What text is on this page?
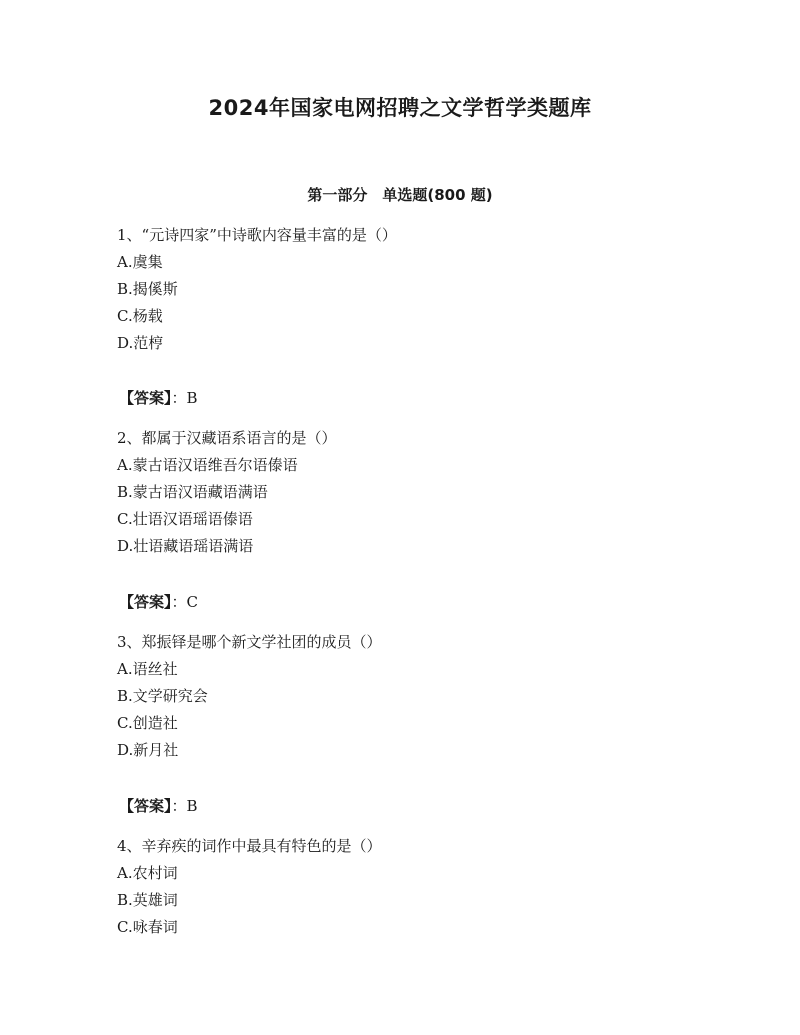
2024年国家电网招聘之文学哲学类题库
第一部分　单选题(800 题)
1、“元诗四家”中诗歌内容量丰富的是（）
A.虞集
B.揭傒斯
C.杨载
D.范梈
【答案】：B
2、都属于汉藏语系语言的是（）
A.蒙古语汉语维吾尔语傣语
B.蒙古语汉语藏语满语
C.壮语汉语瑶语傣语
D.壮语藏语瑶语满语
【答案】：C
3、郑振铎是哪个新文学社团的成员（）
A.语丝社
B.文学研究会
C.创造社
D.新月社
【答案】：B
4、辛弃疾的词作中最具有特色的是（）
A.农村词
B.英雄词
C.咏春词
